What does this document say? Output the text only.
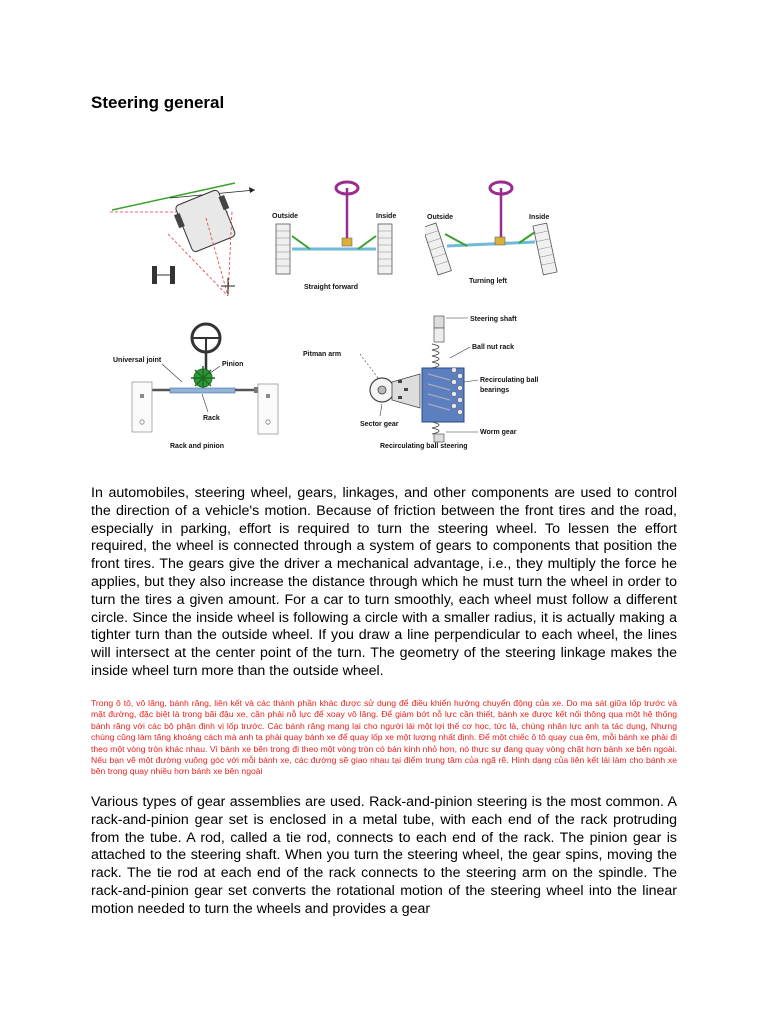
Steering general
Outside	Inside
Straight forward
Outside	Inside
Turning left
Universal joint
Pinion
Rack
Rack and pinion
Pitman arm
Steering shaft
Ball nut rack
Recirculating ball
bearings
Sector gear
Worm gear
Recirculating ball steering

In automobiles, steering wheel, gears, linkages, and other components are used to control the direction of a vehicle's motion. Because of friction between the front tires and the road, especially in parking, effort is required to turn the steering wheel. To lessen the effort required, the wheel is connected through a system of gears to components that position the front tires. The gears give the driver a mechanical advantage, i.e., they multiply the force he applies, but they also increase the distance through which he must turn the wheel in order to turn the tires a given amount. For a car to turn smoothly, each wheel must follow a different circle. Since the inside wheel is following a circle with a smaller radius, it is actually making a tighter turn than the outside wheel. If you draw a line perpendicular to each wheel, the lines will intersect at the center point of the turn. The geometry of the steering linkage makes the inside wheel turn more than the outside wheel.

Trong ô tô, vô lăng, bánh răng, liên kết và các thành phần khác được sử dụng để điều khiển hướng chuyển động của xe. Do ma sát giữa lốp trước và mặt đường, đặc biệt là trong bãi đậu xe, cần phải nỗ lực để xoay vô lăng. Để giảm bớt nỗ lực cần thiết, bánh xe được kết nối thông qua một hệ thống bánh răng với các bộ phận định vị lốp trước. Các bánh răng mang lại cho người lái một lợi thế cơ học, tức là, chúng nhân lực anh ta tác dụng, Nhưng chúng cũng làm tăng khoảng cách mà anh ta phải quay bánh xe để quay lốp xe một lượng nhất định. Để một chiếc ô tô quay cua êm, mỗi bánh xe phải đi theo một vòng tròn khác nhau. Vì bánh xe bên trong đi theo một vòng tròn có bán kính nhỏ hơn, nó thực sự đang quay vòng chặt hơn bánh xe bên ngoài. Nếu bạn vẽ một đường vuông góc với mỗi bánh xe, các đường sẽ giao nhau tại điểm trung tâm của ngã rẽ. Hình dạng của liên kết lái làm cho bánh xe bên trong quay nhiều hơn bánh xe bên ngoài

Various types of gear assemblies are used. Rack-and-pinion steering is the most common. A rack-and-pinion gear set is enclosed in a metal tube, with each end of the rack protruding from the tube. A rod, called a tie rod, connects to each end of the rack. The pinion gear is attached to the steering shaft. When you turn the steering wheel, the gear spins, moving the rack. The tie rod at each end of the rack connects to the steering arm on the spindle. The rack-and-pinion gear set converts the rotational motion of the steering wheel into the linear motion needed to turn the wheels and provides a gear
